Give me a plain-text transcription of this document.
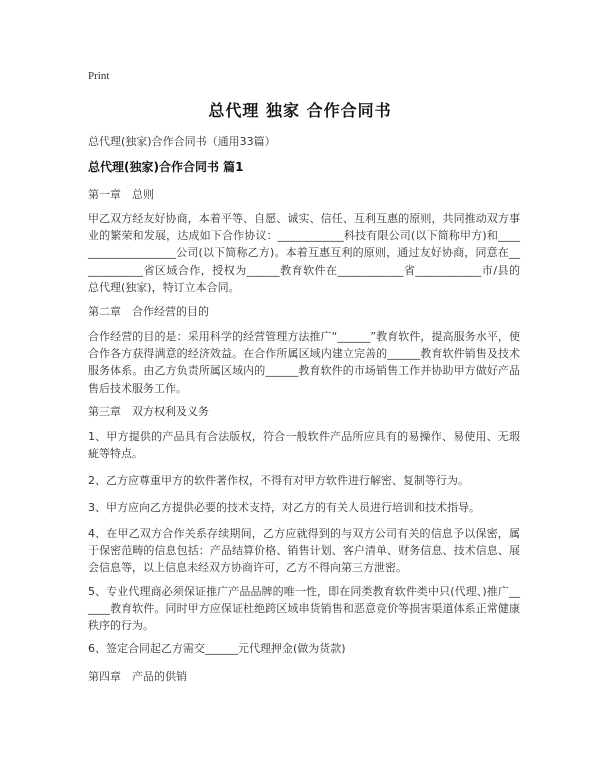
Print
总代理 独家 合作合同书
总代理(独家)合作合同书（通用33篇）
总代理(独家)合作合同书 篇1
第一章　总则
甲乙双方经友好协商，本着平等、自愿、诚实、信任、互利互惠的原则，共同推动双方事业的繁荣和发展，达成如下合作协议：____________科技有限公司(以下简称甲方)和____________________公司(以下简称乙方)。本着互惠互利的原则，通过友好协商，同意在____________省区域合作，授权为______教育软件在____________省____________市/县的总代理(独家)，特订立本合同。
第二章　合作经营的目的
合作经营的目的是：采用科学的经营管理方法推广“______”教育软件，提高服务水平，使合作各方获得满意的经济效益。在合作所属区域内建立完善的______教育软件销售及技术服务体系。由乙方负责所属区域内的______教育软件的市场销售工作并协助甲方做好产品售后技术服务工作。
第三章　双方权利及义务
1、甲方提供的产品具有合法版权，符合一般软件产品所应具有的易操作、易使用、无瑕疵等特点。
2、乙方应尊重甲方的软件著作权，不得有对甲方软件进行解密、复制等行为。
3、甲方应向乙方提供必要的技术支持，对乙方的有关人员进行培训和技术指导。
4、在甲乙双方合作关系存续期间，乙方应就得到的与双方公司有关的信息予以保密，属于保密范畴的信息包括：产品结算价格、销售计划、客户清单、财务信息、技术信息、展会信息等，以上信息未经双方协商许可，乙方不得向第三方泄密。
5、专业代理商必须保证推广产品品牌的唯一性，即在同类教育软件类中只(代理、)推广______教育软件。同时甲方应保证杜绝跨区域串货销售和恶意竞价等损害渠道体系正常健康秩序的行为。
6、签定合同起乙方需交______元代理押金(做为货款)
第四章　产品的供销
